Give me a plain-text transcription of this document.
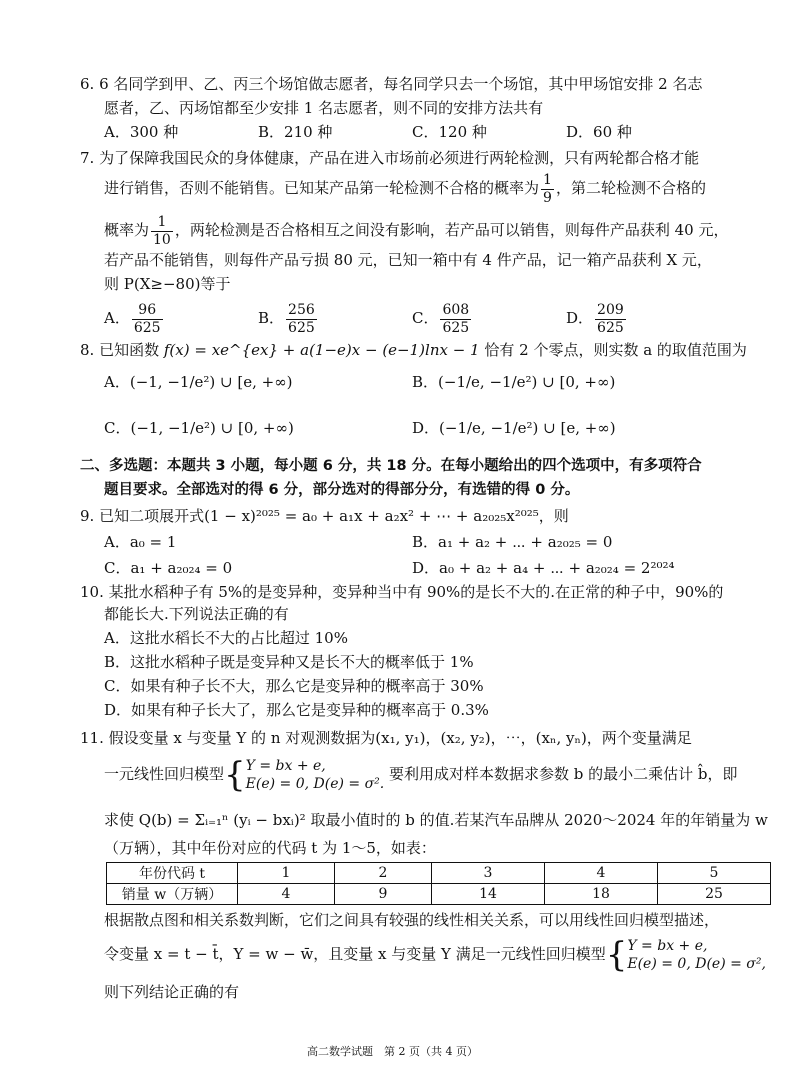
6. 6 名同学到甲、乙、丙三个场馆做志愿者，每名同学只去一个场馆，其中甲场馆安排 2 名志
愿者，乙、丙场馆都至少安排 1 名志愿者，则不同的安排方法共有
A．300 种	B．210 种	C．120 种	D．60 种
7. 为了保障我国民众的身体健康，产品在进入市场前必须进行两轮检测，只有两轮都合格才能
进行销售，否则不能销售。已知某产品第一轮检测不合格的概率为 $\frac{1}{9}$ ，第二轮检测不合格的
概率为 $\frac{1}{10}$ ，两轮检测是否合格相互之间没有影响，若产品可以销售，则每件产品获利 40 元，
若产品不能销售，则每件产品亏损 80 元，已知一箱中有 4 件产品，记一箱产品获利 X 元，
则 P(X≥−80)等于
A． $\frac{96}{625}$	B． $\frac{256}{625}$	C． $\frac{608}{625}$	D． $\frac{209}{625}$
8. 已知函数 f(x) = xe^{ex} + a(1−e)x − (e−1)lnx − 1 恰有 2 个零点，则实数 a 的取值范围为
A．(−1, −1/e²) ∪ [e, +∞)	B．(−1/e, −1/e²) ∪ [0, +∞)
C．(−1, −1/e²) ∪ [0, +∞)	D．(−1/e, −1/e²) ∪ [e, +∞)
二、多选题：本题共 3 小题，每小题 6 分，共 18 分。在每小题给出的四个选项中，有多项符合
题目要求。全部选对的得 6 分，部分选对的得部分分，有选错的得 0 分。
9. 已知二项展开式(1 − x)²⁰²⁵ = a₀ + a₁x + a₂x² + ⋯ + a₂₀₂₅x²⁰²⁵，则
A．a₀ = 1	B．a₁ + a₂ + ⋯ + a₂₀₂₅ = 0
C．a₁ + a₂₀₂₄ = 0	D．a₀ + a₂ + a₄ + ⋯ + a₂₀₂₄ = 2²⁰²⁴
10. 某批水稻种子有 5%的是变异种，变异种当中有 90%的是长不大的.在正常的种子中，90%的
都能长大.下列说法正确的有
A．这批水稻长不大的占比超过 10%
B．这批水稻种子既是变异种又是长不大的概率低于 1%
C．如果有种子长不大，那么它是变异种的概率高于 30%
D．如果有种子长大了，那么它是变异种的概率高于 0.3%
11. 假设变量 x 与变量 Y 的 n 对观测数据为(x₁, y₁)，(x₂, y₂)，⋯，(xₙ, yₙ)，两个变量满足
一元线性回归模型{ Y = bx + e,
E(e) = 0, D(e) = σ².
要利用成对样本数据求参数 b 的最小二乘估计 b̂，即
求使 Q(b) = Σᵢ₌₁ⁿ (yᵢ − bxᵢ)² 取最小值时的 b 的值.若某汽车品牌从 2020～2024 年的年销量为 w
（万辆），其中年份对应的代码 t 为 1～5，如表：
年份代码 t	1	2	3	4	5
销量 w（万辆）	4	9	14	18	25
根据散点图和相关系数判断，它们之间具有较强的线性相关关系，可以用线性回归模型描述，
令变量 x = t − t̄，Y = w − w̄，且变量 x 与变量 Y 满足一元线性回归模型{ Y = bx + e,
E(e) = 0, D(e) = σ²,
则下列结论正确的有
高二数学试题　第 2 页（共 4 页）
